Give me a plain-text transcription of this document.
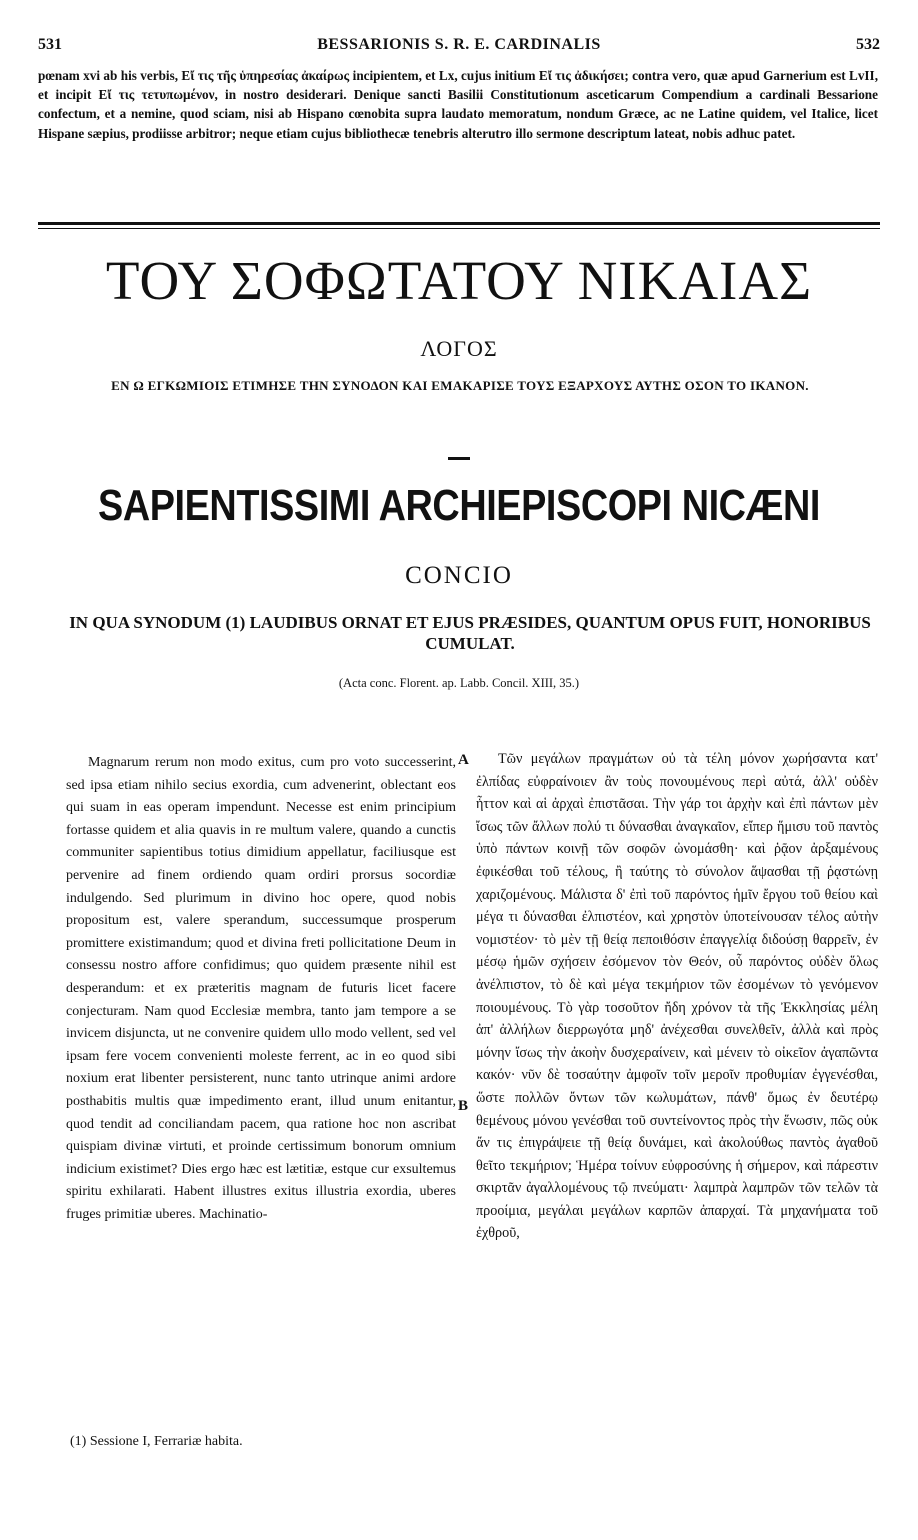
531	BESSARIONIS S. R. E. CARDINALIS	532

pœnam xvi ab his verbis, Eἴ τις τῆς ὑπηρεσίας ἀκαίρως incipientem, et Lx, cujus initium Eἴ τις ἀδικήσει; contra vero, quæ apud Garnerium est LvII, et incipit Eἴ τις τετυπωμένον, in nostro desiderari. Denique sancti Basilii Constitutionum asceticarum Compendium a cardinali Bessarione confectum, et a nemine, quod sciam, nisi ab Hispano cœnobita supra laudato memoratum, nondum Græce, ac ne Latine quidem, vel Italice, licet Hispane sæpius, prodiisse arbitror; neque etiam cujus bibliothecæ tenebris alterutro illo sermone descriptum lateat, nobis adhuc patet.

ΤΟΥ ΣΟΦΩΤΑΤΟΥ ΝΙΚΑΙΑΣ
ΛΟΓΟΣ
ΕΝ Ω ΕΓΚΩΜΙΟΙΣ ΕΤΙΜΗΣΕ ΤΗΝ ΣΥΝΟΔΟΝ ΚΑΙ ΕΜΑΚΑΡΙΣΕ ΤΟΥΣ ΕΞΑΡΧΟΥΣ ΑΥΤΗΣ ΟΣΟΝ ΤΟ ΙΚΑΝΟΝ.
SAPIENTISSIMI ARCHIEPISCOPI NICÆNI
CONCIO
IN QUA SYNODUM (1) LAUDIBUS ORNAT ET EJUS PRÆSIDES, QUANTUM OPUS FUIT, HONORIBUS CUMULAT.
(Acta conc. Florent. ap. Labb. Concil. XIII, 35.)

Magnarum rerum non modo exitus, cum pro voto successerint, sed ipsa etiam nihilo secius exordia, cum advenerint, oblectant eos qui suam in eas operam impendunt. Necesse est enim principium fortasse quidem et alia quavis in re multum valere, quando a cunctis communiter sapientibus totius dimidium appellatur, faciliusque est pervenire ad finem ordiendo quam ordiri prorsus socordiæ indulgendo. Sed plurimum in divino hoc opere, quod nobis propositum est, valere sperandum, successumque prosperum promittere existimandum; quod et divina freti pollicitatione Deum in consessu nostro affore confidimus; quo quidem præsente nihil est desperandum: et ex præteritis magnam de futuris licet facere conjecturam. Nam quod Ecclesiæ membra, tanto jam tempore a se invicem disjuncta, ut ne convenire quidem ullo modo vellent, sed vel ipsam fere vocem convenienti moleste ferrent, ac in eo quod sibi noxium erat libenter persisterent, nunc tanto utrinque animi ardore posthabitis multis quæ impedimento erant, illud unum enitantur, quod tendit ad conciliandam pacem, qua ratione hoc non ascribat quispiam divinæ virtuti, et proinde certissimum bonorum omnium indicium existimet? Dies ergo hæc est lætitiæ, estque cur exsultemus spiritu exhilarati. Habent illustres exitus illustria exordia, uberes fruges primitiæ uberes. Machinatio-

A
B

Τῶν μεγάλων πραγμάτων οὐ τὰ τέλη μόνον χωρήσαντα κατ' ἐλπίδας εὐφραίνοιεν ἂν τοὺς πονουμένους περὶ αὐτά, ἀλλ' οὐδὲν ἧττον καὶ αἱ ἀρχαὶ ἐπιστᾶσαι. Τὴν γάρ τοι ἀρχὴν καὶ ἐπὶ πάντων μὲν ἴσως τῶν ἄλλων πολύ τι δύνασθαι ἀναγκαῖον, εἴπερ ἥμισυ τοῦ παντὸς ὑπὸ πάντων κοινῇ τῶν σοφῶν ὠνομάσθη· καὶ ῥᾷον ἀρξαμένους ἐφικέσθαι τοῦ τέλους, ἢ ταύτης τὸ σύνολον ἅψασθαι τῇ ῥᾳστώνῃ χαριζομένους. Μάλιστα δ' ἐπὶ τοῦ παρόντος ἡμῖν ἔργου τοῦ θείου καὶ μέγα τι δύνασθαι ἐλπιστέον, καὶ χρηστὸν ὑποτείνουσαν τέλος αὐτὴν νομιστέον· τὸ μὲν τῇ θείᾳ πεποιθόσιν ἐπαγγελίᾳ διδούσῃ θαρρεῖν, ἐν μέσῳ ἡμῶν σχήσειν ἐσόμενον τὸν Θεόν, οὗ παρόντος οὐδὲν ὅλως ἀνέλπιστον, τὸ δὲ καὶ μέγα τεκμήριον τῶν ἐσομένων τὸ γενόμενον ποιουμένους. Τὸ γὰρ τοσοῦτον ἤδη χρόνον τὰ τῆς Ἐκκλησίας μέλη ἀπ' ἀλλήλων διερρωγότα μηδ' ἀνέχεσθαι συνελθεῖν, ἀλλὰ καὶ πρὸς μόνην ἴσως τὴν ἀκοὴν δυσχεραίνειν, καὶ μένειν τὸ οἰκεῖον ἀγαπῶντα κακόν· νῦν δὲ τοσαύτην ἀμφοῖν τοῖν μεροῖν προθυμίαν ἐγγενέσθαι, ὥστε πολλῶν ὄντων τῶν κωλυμάτων, πάνθ' ὅμως ἐν δευτέρῳ θεμένους μόνου γενέσθαι τοῦ συντείνοντος πρὸς τὴν ἕνωσιν, πῶς οὐκ ἄν τις ἐπιγράψειε τῇ θείᾳ δυνάμει, καὶ ἀκολούθως παντὸς ἀγαθοῦ θεῖτο τεκμήριον; Ἡμέρα τοίνυν εὐφροσύνης ἡ σήμερον, καὶ πάρεστιν σκιρτᾶν ἀγαλλομένους τῷ πνεύματι· λαμπρὰ λαμπρῶν τῶν τελῶν τὰ προοίμια, μεγάλαι μεγάλων καρπῶν ἀπαρχαί. Τὰ μηχανήματα τοῦ ἐχθροῦ,

(1) Sessione I, Ferrariæ habita.
